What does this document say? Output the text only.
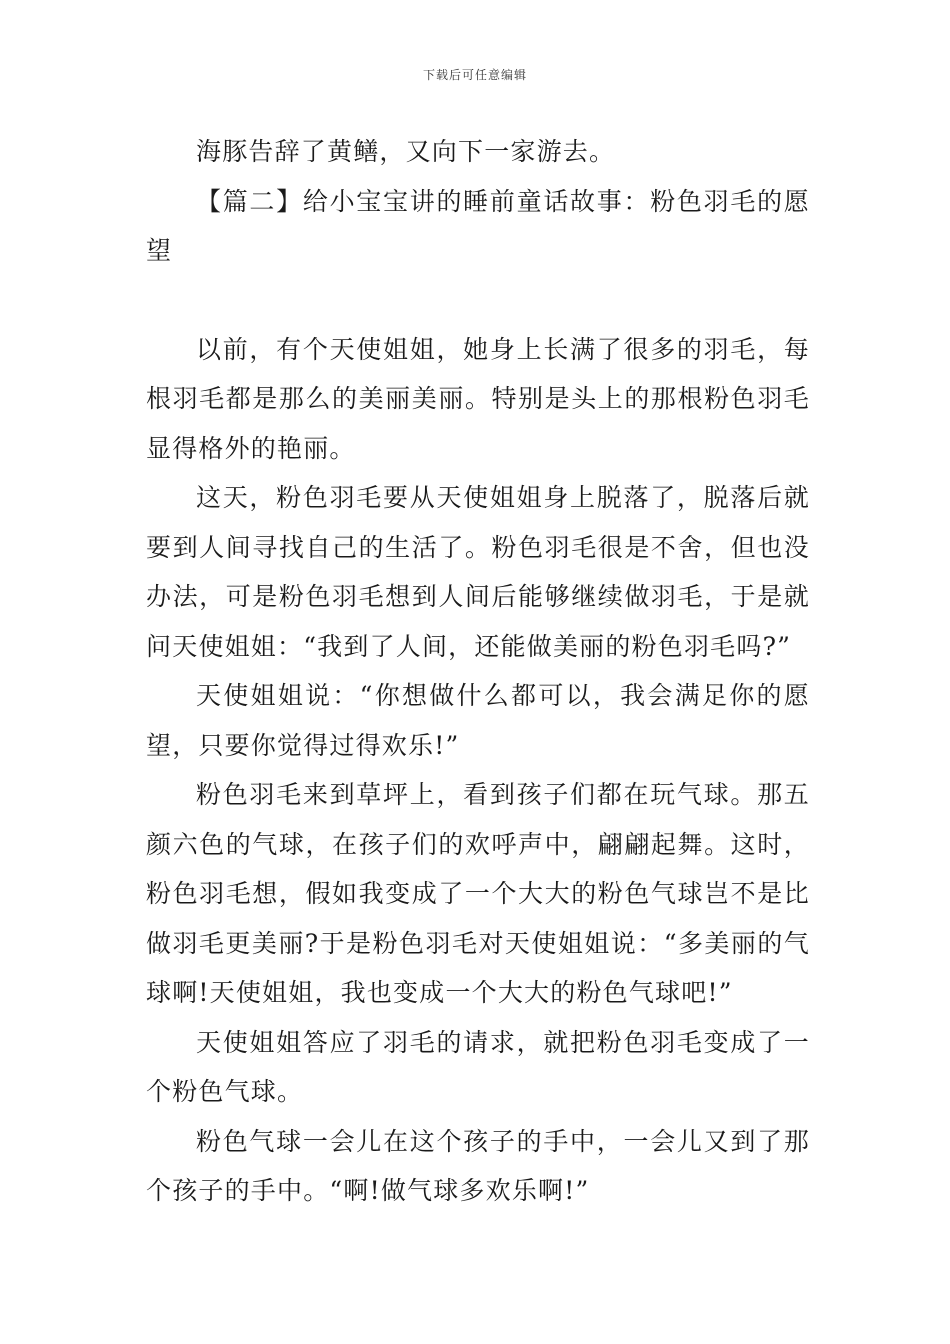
下载后可任意编辑

海豚告辞了黄鳝，又向下一家游去。

【篇二】给小宝宝讲的睡前童话故事：粉色羽毛的愿望

以前，有个天使姐姐，她身上长满了很多的羽毛，每根羽毛都是那么的美丽美丽。特别是头上的那根粉色羽毛显得格外的艳丽。

这天，粉色羽毛要从天使姐姐身上脱落了，脱落后就要到人间寻找自己的生活了。粉色羽毛很是不舍，但也没办法，可是粉色羽毛想到人间后能够继续做羽毛，于是就问天使姐姐：“我到了人间，还能做美丽的粉色羽毛吗?”

天使姐姐说：“你想做什么都可以，我会满足你的愿望，只要你觉得过得欢乐!”

粉色羽毛来到草坪上，看到孩子们都在玩气球。那五颜六色的气球，在孩子们的欢呼声中，翩翩起舞。这时，粉色羽毛想，假如我变成了一个大大的粉色气球岂不是比做羽毛更美丽?于是粉色羽毛对天使姐姐说：“多美丽的气球啊!天使姐姐，我也变成一个大大的粉色气球吧!”

天使姐姐答应了羽毛的请求，就把粉色羽毛变成了一个粉色气球。

粉色气球一会儿在这个孩子的手中，一会儿又到了那个孩子的手中。“啊!做气球多欢乐啊!”
